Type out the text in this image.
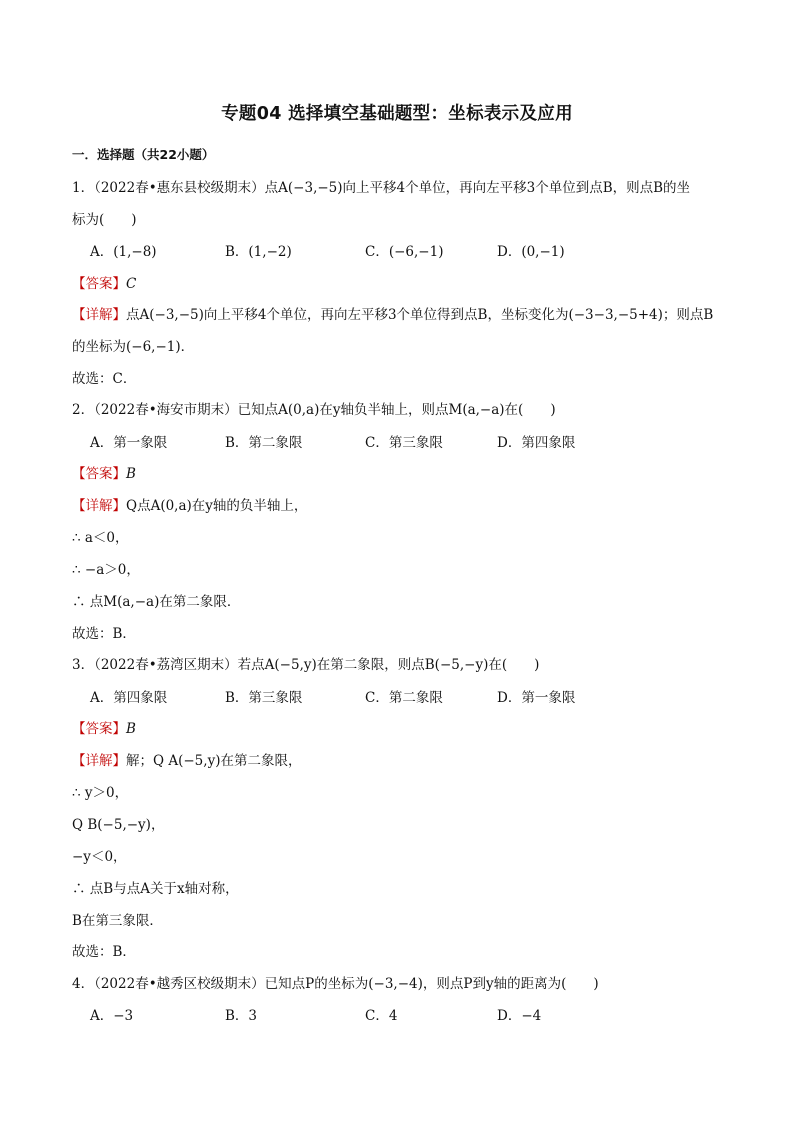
专题04 选择填空基础题型：坐标表示及应用
一．选择题（共22小题）
1．（2022春•惠东县校级期末）点A(−3,−5)向上平移4个单位，再向左平移3个单位到点B，则点B的坐
标为(　　)
A．(1,−8)	B．(1,−2)	C．(−6,−1)	D．(0,−1)
【答案】C
【详解】点A(−3,−5)向上平移4个单位，再向左平移3个单位得到点B，坐标变化为(−3−3,−5+4)；则点B
的坐标为(−6,−1)．
故选：C．
2．（2022春•海安市期末）已知点A(0,a)在y轴负半轴上，则点M(a,−a)在(　　)
A．第一象限	B．第二象限	C．第三象限	D．第四象限
【答案】B
【详解】Q点A(0,a)在y轴的负半轴上，
∴ a＜0，
∴ −a＞0，
∴ 点M(a,−a)在第二象限．
故选：B．
3．（2022春•荔湾区期末）若点A(−5,y)在第二象限，则点B(−5,−y)在(　　)
A．第四象限	B．第三象限	C．第二象限	D．第一象限
【答案】B
【详解】解；Q A(−5,y)在第二象限，
∴ y＞0，
Q B(−5,−y)，
−y＜0，
∴ 点B与点A关于x轴对称，
B在第三象限．
故选：B．
4．（2022春•越秀区校级期末）已知点P的坐标为(−3,−4)，则点P到y轴的距离为(　　)
A．−3	B．3	C．4	D．−4
